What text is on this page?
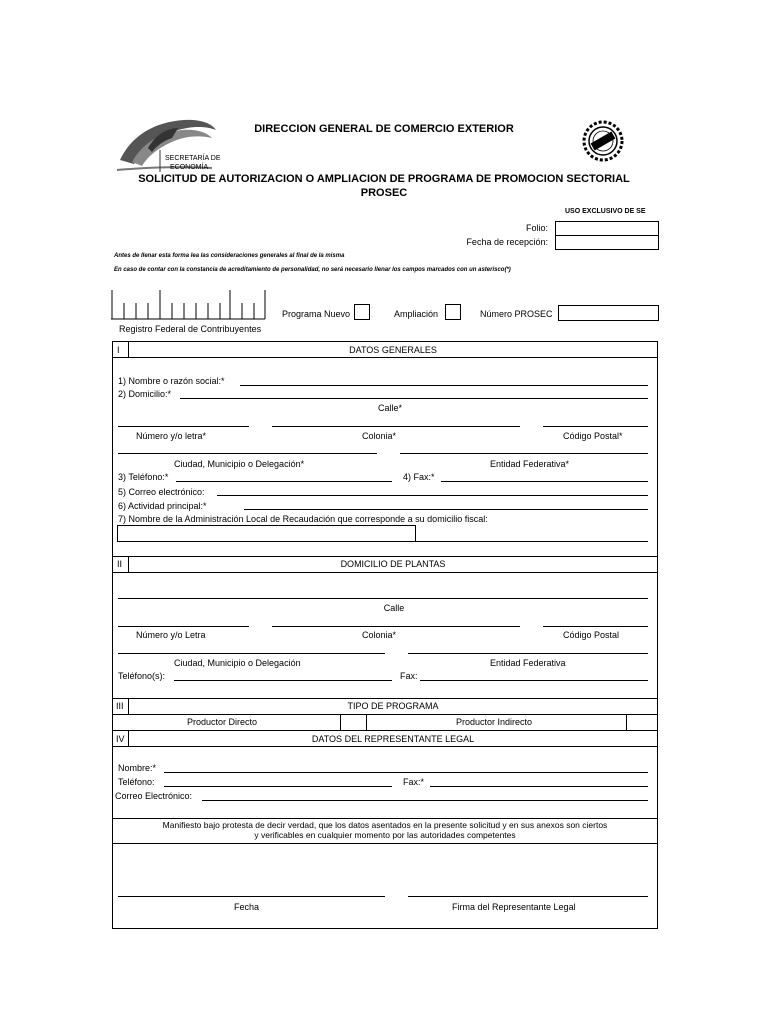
SECRETARÍA DE
ECONOMÍA
DIRECCION GENERAL DE COMERCIO EXTERIOR
SOLICITUD DE AUTORIZACION O AMPLIACION DE PROGRAMA DE PROMOCION SECTORIAL
PROSEC
USO EXCLUSIVO DE SE
Folio:
Fecha de recepción:
Antes de llenar esta forma lea las consideraciones generales al final de la misma
En caso de contar con la constancia de acreditamiento de personalidad, no será necesario llenar los campos marcados con un asterisco(*)
Registro Federal de Contribuyentes
Programa Nuevo	Ampliación	Número PROSEC
I	DATOS GENERALES
1) Nombre o razón social:*
2) Domicilio:*
Calle*
Número y/o letra*	Colonia*	Código Postal*
Ciudad, Municipio o Delegación*	Entidad Federativa*
3) Teléfono:*	4) Fax:*
5) Correo electrónico:
6) Actividad principal:*
7) Nombre de la Administración Local de Recaudación que corresponde a su domicilio fiscal:
II	DOMICILIO DE PLANTAS
Calle
Número y/o Letra	Colonia*	Código Postal
Ciudad, Municipio o Delegación	Entidad Federativa
Teléfono(s):	Fax:
III	TIPO DE PROGRAMA
Productor Directo	Productor Indirecto
IV	DATOS DEL REPRESENTANTE LEGAL
Nombre:*
Teléfono:	Fax:*
Correo Electrónico:
Manifiesto bajo protesta de decir verdad, que los datos asentados en la presente solicitud y en sus anexos son ciertos
y verificables en cualquier momento por las autoridades competentes
Fecha	Firma del Representante Legal
